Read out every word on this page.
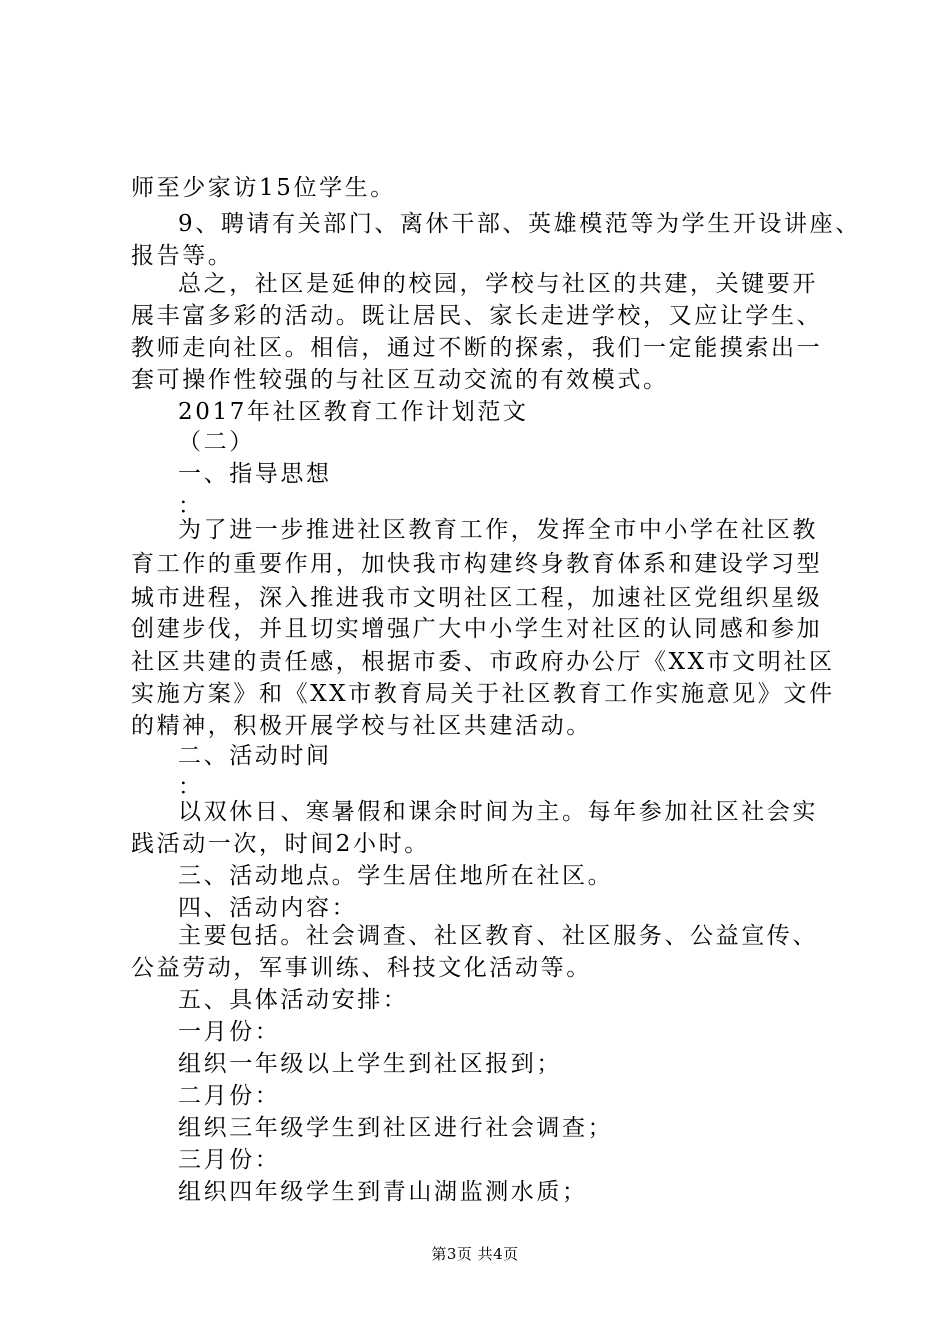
师至少家访15位学生。
9、聘请有关部门、离休干部、英雄模范等为学生开设讲座、
报告等。
总之，社区是延伸的校园，学校与社区的共建，关键要开
展丰富多彩的活动。既让居民、家长走进学校，又应让学生、
教师走向社区。相信，通过不断的探索，我们一定能摸索出一
套可操作性较强的与社区互动交流的有效模式。
2017年社区教育工作计划范文
（二）
一、指导思想
：
为了进一步推进社区教育工作，发挥全市中小学在社区教
育工作的重要作用，加快我市构建终身教育体系和建设学习型
城市进程，深入推进我市文明社区工程，加速社区党组织星级
创建步伐，并且切实增强广大中小学生对社区的认同感和参加
社区共建的责任感，根据市委、市政府办公厅《XX市文明社区
实施方案》和《XX市教育局关于社区教育工作实施意见》文件
的精神，积极开展学校与社区共建活动。
二、活动时间
：
以双休日、寒暑假和课余时间为主。每年参加社区社会实
践活动一次，时间2小时。
三、活动地点。学生居住地所在社区。
四、活动内容：
主要包括。社会调查、社区教育、社区服务、公益宣传、
公益劳动，军事训练、科技文化活动等。
五、具体活动安排：
一月份：
组织一年级以上学生到社区报到；
二月份：
组织三年级学生到社区进行社会调查；
三月份：
组织四年级学生到青山湖监测水质；
第3页 共4页
